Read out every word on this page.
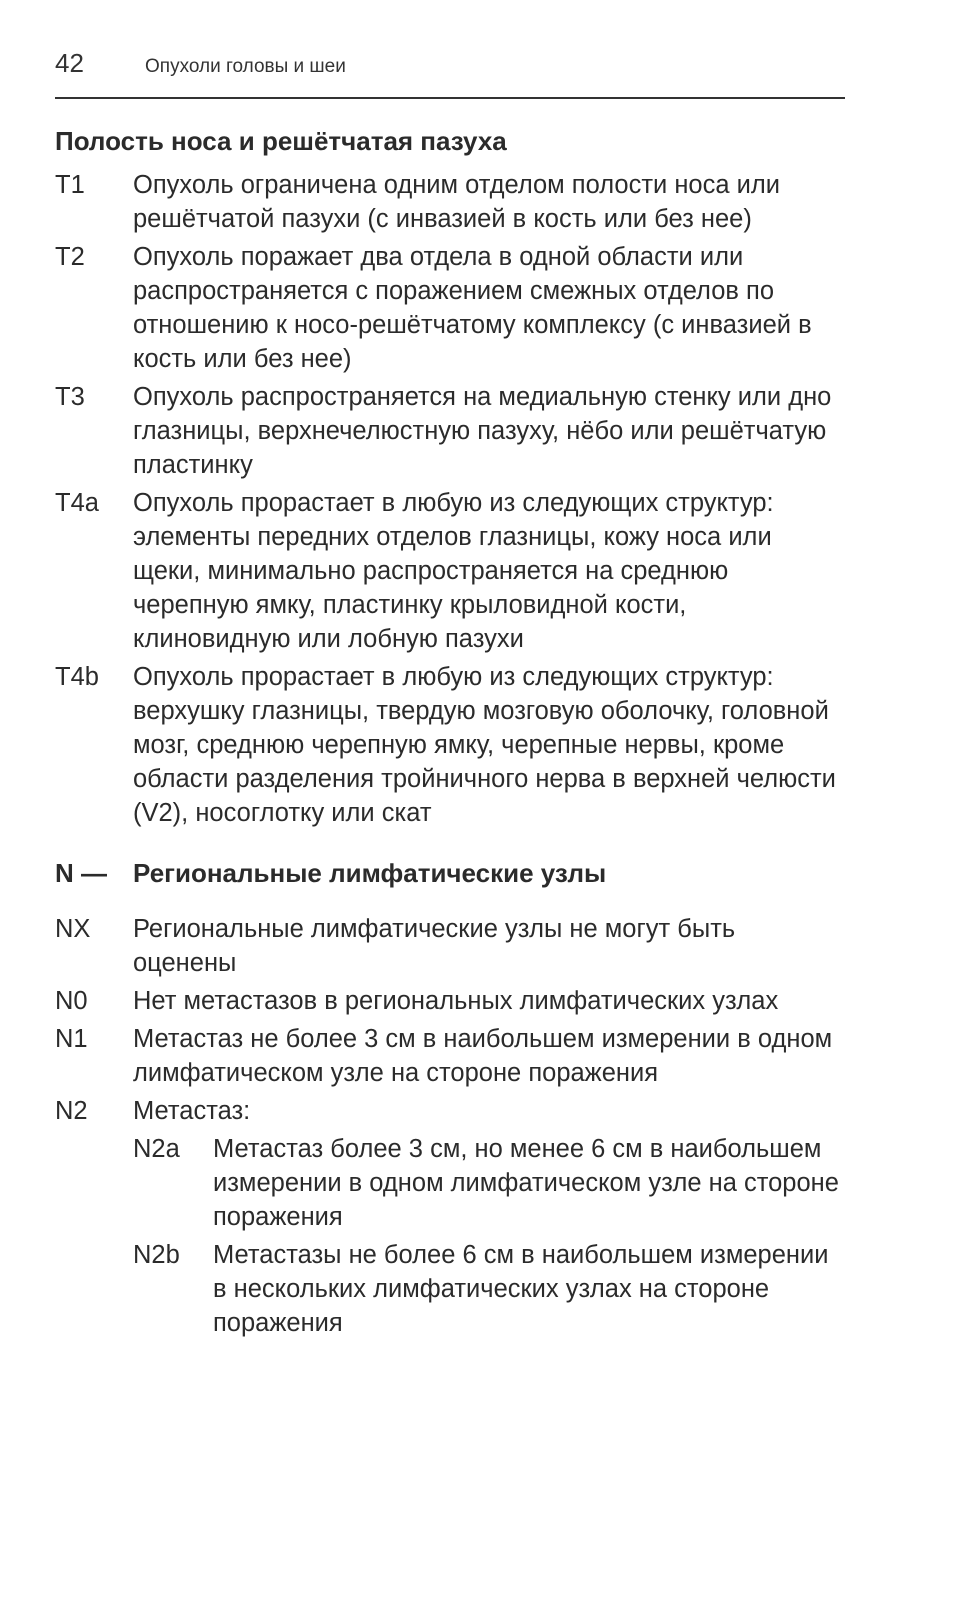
42	Опухоли головы и шеи
Полость носа и решётчатая пазуха
T1	Опухоль ограничена одним отделом полости носа или решётчатой пазухи (с инвазией в кость или без нее)
T2	Опухоль поражает два отдела в одной области или распространяется с поражением смежных отделов по отношению к носо-решётчатому комплексу (с инвазией в кость или без нее)
T3	Опухоль распространяется на медиальную стенку или дно глазницы, верхнечелюстную пазуху, нёбо или решётчатую пластинку
T4a	Опухоль прорастает в любую из следующих структур: элементы передних отделов глазницы, кожу носа или щеки, минимально распространяется на среднюю черепную ямку, пластинку крыловидной кости, клиновидную или лобную пазухи
T4b	Опухоль прорастает в любую из следующих структур: верхушку глазницы, твердую мозговую оболочку, головной мозг, среднюю черепную ямку, черепные нервы, кроме области разделения тройничного нерва в верхней челюсти (V2), носоглотку или скат
N —	Региональные лимфатические узлы
NX	Региональные лимфатические узлы не могут быть оценены
N0	Нет метастазов в региональных лимфатических узлах
N1	Метастаз не более 3 см в наибольшем измерении в одном лимфатическом узле на стороне поражения
N2	Метастаз:
N2a	Метастаз более 3 см, но менее 6 см в наибольшем измерении в одном лимфатическом узле на стороне поражения
N2b	Метастазы не более 6 см в наибольшем измерении в нескольких лимфатических узлах на стороне поражения
